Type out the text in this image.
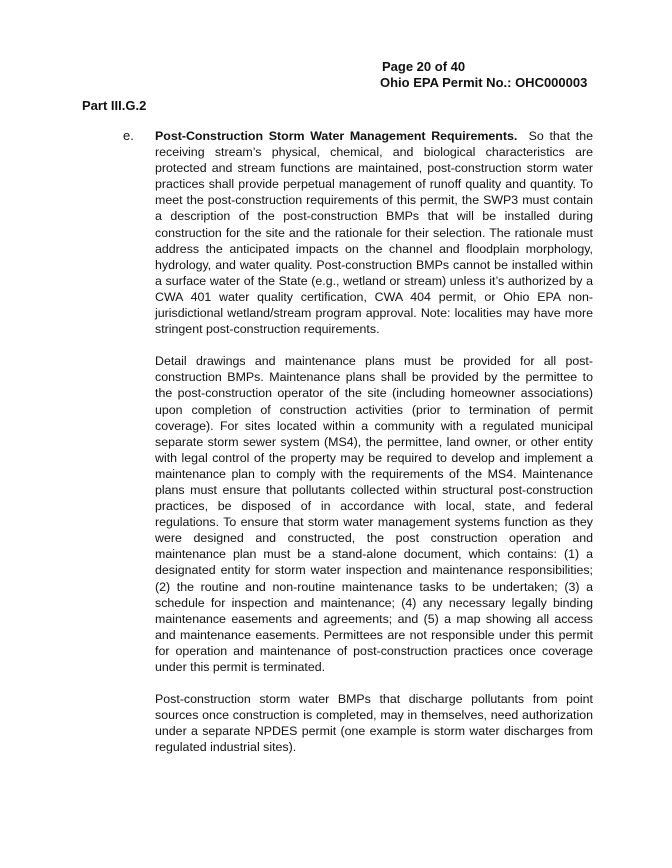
Page 20 of 40
Ohio EPA Permit No.: OHC000003
Part III.G.2
e. Post-Construction Storm Water Management Requirements. So that the receiving stream’s physical, chemical, and biological characteristics are protected and stream functions are maintained, post-construction storm water practices shall provide perpetual management of runoff quality and quantity. To meet the post-construction requirements of this permit, the SWP3 must contain a description of the post-construction BMPs that will be installed during construction for the site and the rationale for their selection. The rationale must address the anticipated impacts on the channel and floodplain morphology, hydrology, and water quality. Post-construction BMPs cannot be installed within a surface water of the State (e.g., wetland or stream) unless it’s authorized by a CWA 401 water quality certification, CWA 404 permit, or Ohio EPA non-jurisdictional wetland/stream program approval. Note: localities may have more stringent post-construction requirements.

Detail drawings and maintenance plans must be provided for all post-construction BMPs. Maintenance plans shall be provided by the permittee to the post-construction operator of the site (including homeowner associations) upon completion of construction activities (prior to termination of permit coverage). For sites located within a community with a regulated municipal separate storm sewer system (MS4), the permittee, land owner, or other entity with legal control of the property may be required to develop and implement a maintenance plan to comply with the requirements of the MS4. Maintenance plans must ensure that pollutants collected within structural post-construction practices, be disposed of in accordance with local, state, and federal regulations. To ensure that storm water management systems function as they were designed and constructed, the post construction operation and maintenance plan must be a stand-alone document, which contains: (1) a designated entity for storm water inspection and maintenance responsibilities; (2) the routine and non-routine maintenance tasks to be undertaken; (3) a schedule for inspection and maintenance; (4) any necessary legally binding maintenance easements and agreements; and (5) a map showing all access and maintenance easements. Permittees are not responsible under this permit for operation and maintenance of post-construction practices once coverage under this permit is terminated.

Post-construction storm water BMPs that discharge pollutants from point sources once construction is completed, may in themselves, need authorization under a separate NPDES permit (one example is storm water discharges from regulated industrial sites).
